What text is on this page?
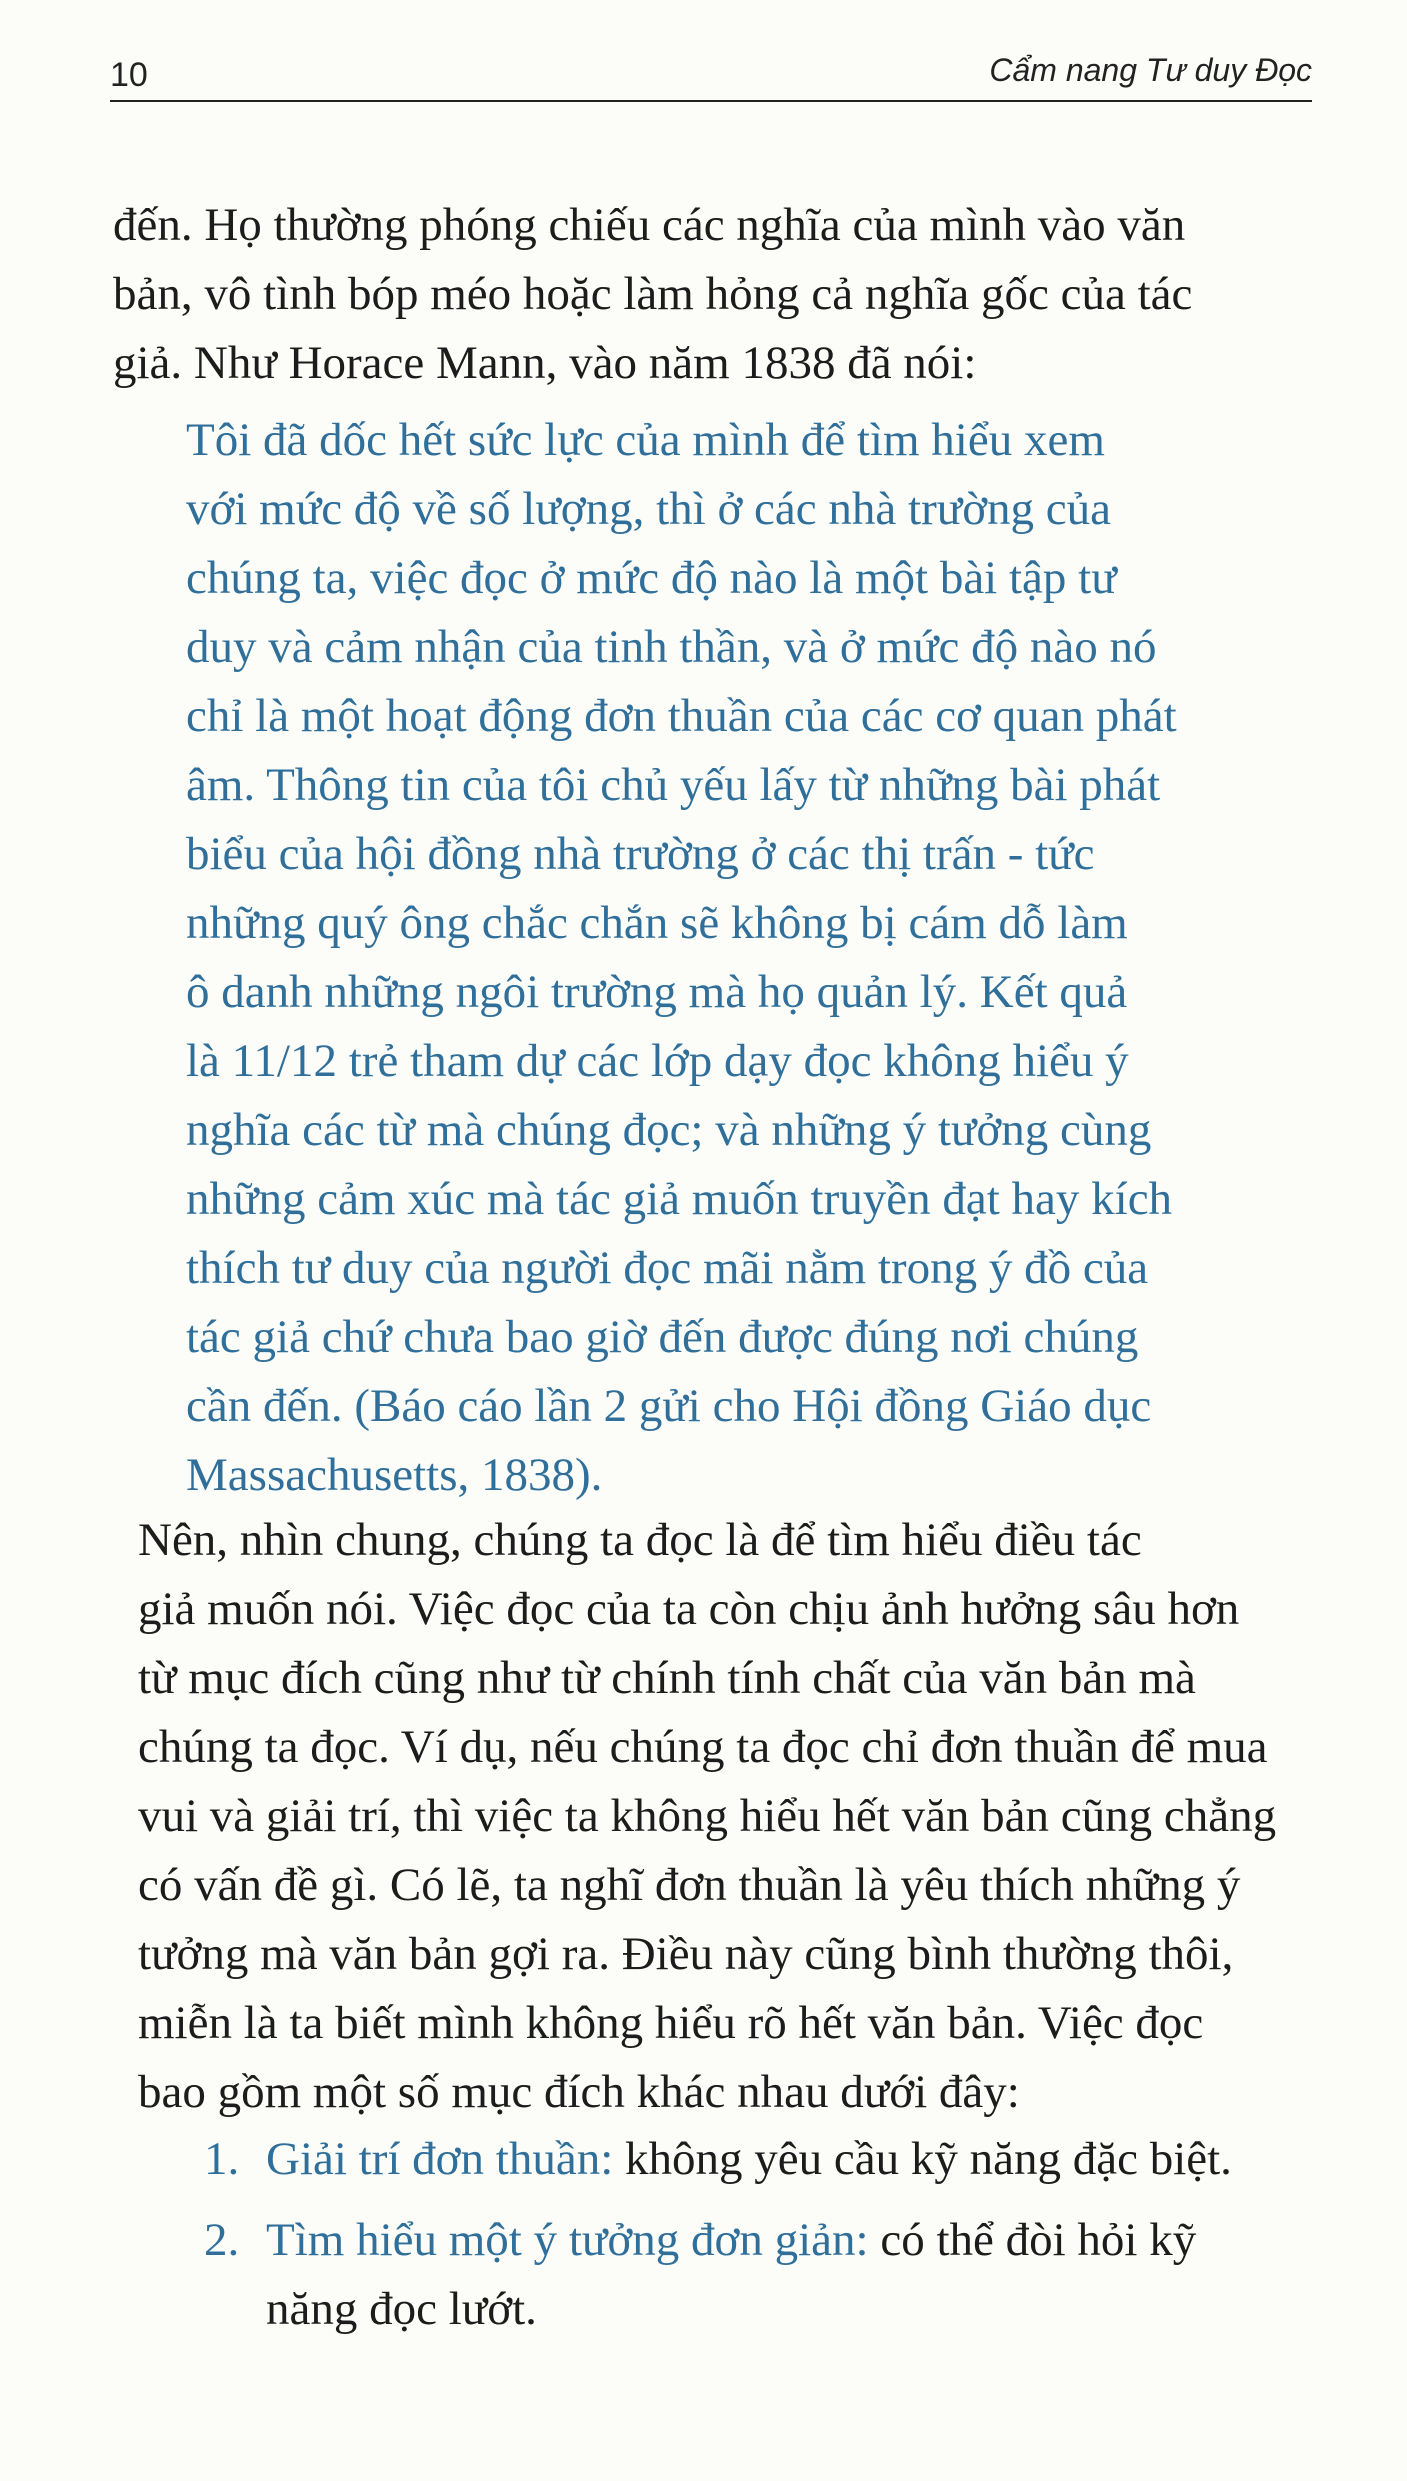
10	Cẩm nang Tư duy Đọc
đến. Họ thường phóng chiếu các nghĩa của mình vào văn
bản, vô tình bóp méo hoặc làm hỏng cả nghĩa gốc của tác
giả. Như Horace Mann, vào năm 1838 đã nói:
Tôi đã dốc hết sức lực của mình để tìm hiểu xem
với mức độ về số lượng, thì ở các nhà trường của
chúng ta, việc đọc ở mức độ nào là một bài tập tư
duy và cảm nhận của tinh thần, và ở mức độ nào nó
chỉ là một hoạt động đơn thuần của các cơ quan phát
âm. Thông tin của tôi chủ yếu lấy từ những bài phát
biểu của hội đồng nhà trường ở các thị trấn - tức
những quý ông chắc chắn sẽ không bị cám dỗ làm
ô danh những ngôi trường mà họ quản lý. Kết quả
là 11/12 trẻ tham dự các lớp dạy đọc không hiểu ý
nghĩa các từ mà chúng đọc; và những ý tưởng cùng
những cảm xúc mà tác giả muốn truyền đạt hay kích
thích tư duy của người đọc mãi nằm trong ý đồ của
tác giả chứ chưa bao giờ đến được đúng nơi chúng
cần đến. (Báo cáo lần 2 gửi cho Hội đồng Giáo dục
Massachusetts, 1838).
Nên, nhìn chung, chúng ta đọc là để tìm hiểu điều tác
giả muốn nói. Việc đọc của ta còn chịu ảnh hưởng sâu hơn
từ mục đích cũng như từ chính tính chất của văn bản mà
chúng ta đọc. Ví dụ, nếu chúng ta đọc chỉ đơn thuần để mua
vui và giải trí, thì việc ta không hiểu hết văn bản cũng chẳng
có vấn đề gì. Có lẽ, ta nghĩ đơn thuần là yêu thích những ý
tưởng mà văn bản gợi ra. Điều này cũng bình thường thôi,
miễn là ta biết mình không hiểu rõ hết văn bản. Việc đọc
bao gồm một số mục đích khác nhau dưới đây:
1. Giải trí đơn thuần: không yêu cầu kỹ năng đặc biệt.
2. Tìm hiểu một ý tưởng đơn giản: có thể đòi hỏi kỹ
năng đọc lướt.
